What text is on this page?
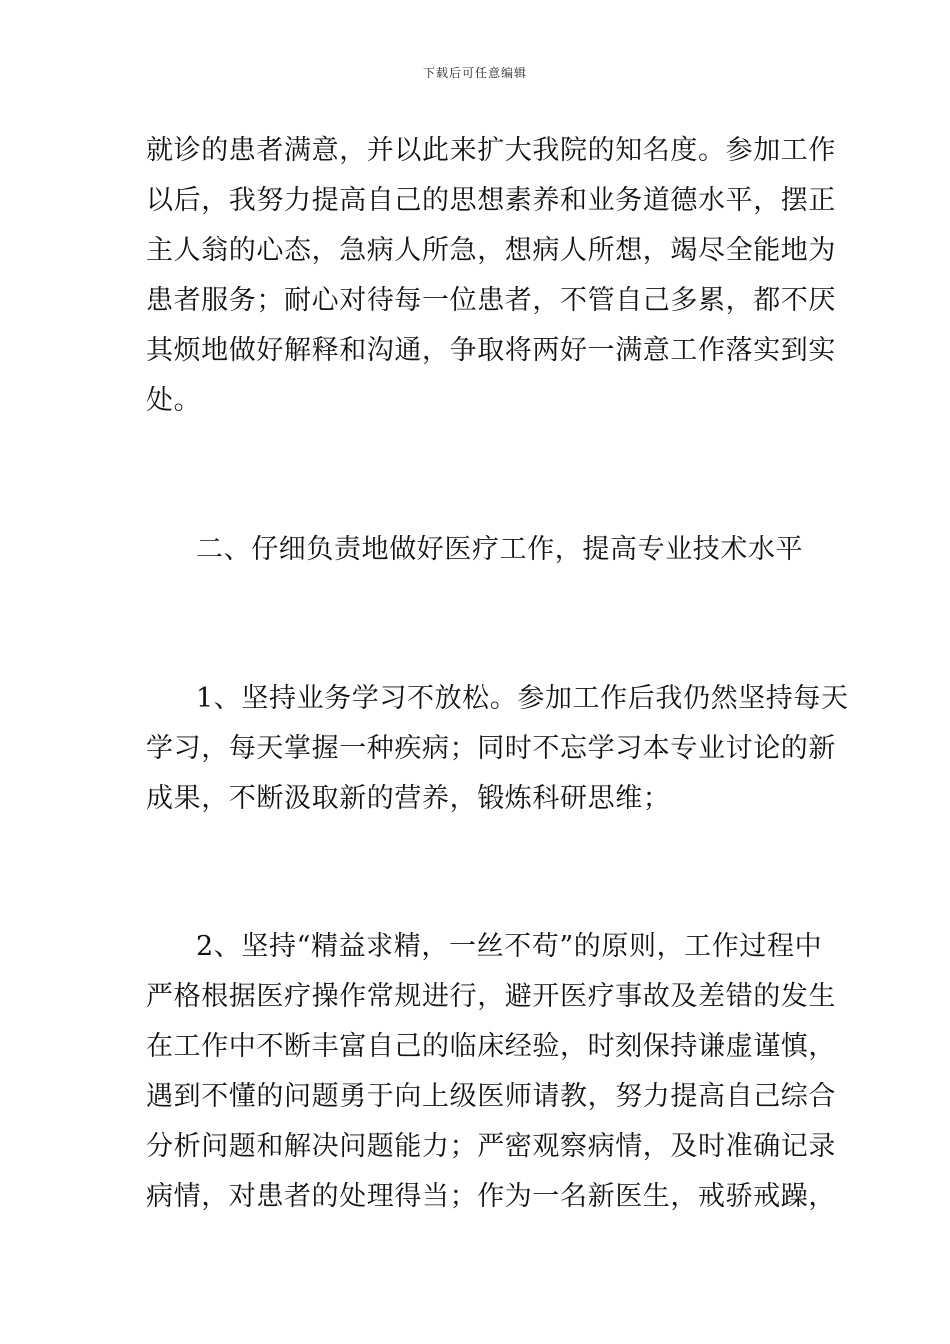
下载后可任意编辑
就诊的患者满意，并以此来扩大我院的知名度。参加工作
以后，我努力提高自己的思想素养和业务道德水平，摆正
主人翁的心态，急病人所急，想病人所想，竭尽全能地为
患者服务；耐心对待每一位患者，不管自己多累，都不厌
其烦地做好解释和沟通，争取将两好一满意工作落实到实
处。
二、仔细负责地做好医疗工作，提高专业技术水平
1、坚持业务学习不放松。参加工作后我仍然坚持每天
学习，每天掌握一种疾病；同时不忘学习本专业讨论的新
成果，不断汲取新的营养，锻炼科研思维；
2、坚持“精益求精，一丝不苟”的原则，工作过程中
严格根据医疗操作常规进行，避开医疗事故及差错的发生
在工作中不断丰富自己的临床经验，时刻保持谦虚谨慎，
遇到不懂的问题勇于向上级医师请教，努力提高自己综合
分析问题和解决问题能力；严密观察病情，及时准确记录
病情，对患者的处理得当；作为一名新医生，戒骄戒躁，
